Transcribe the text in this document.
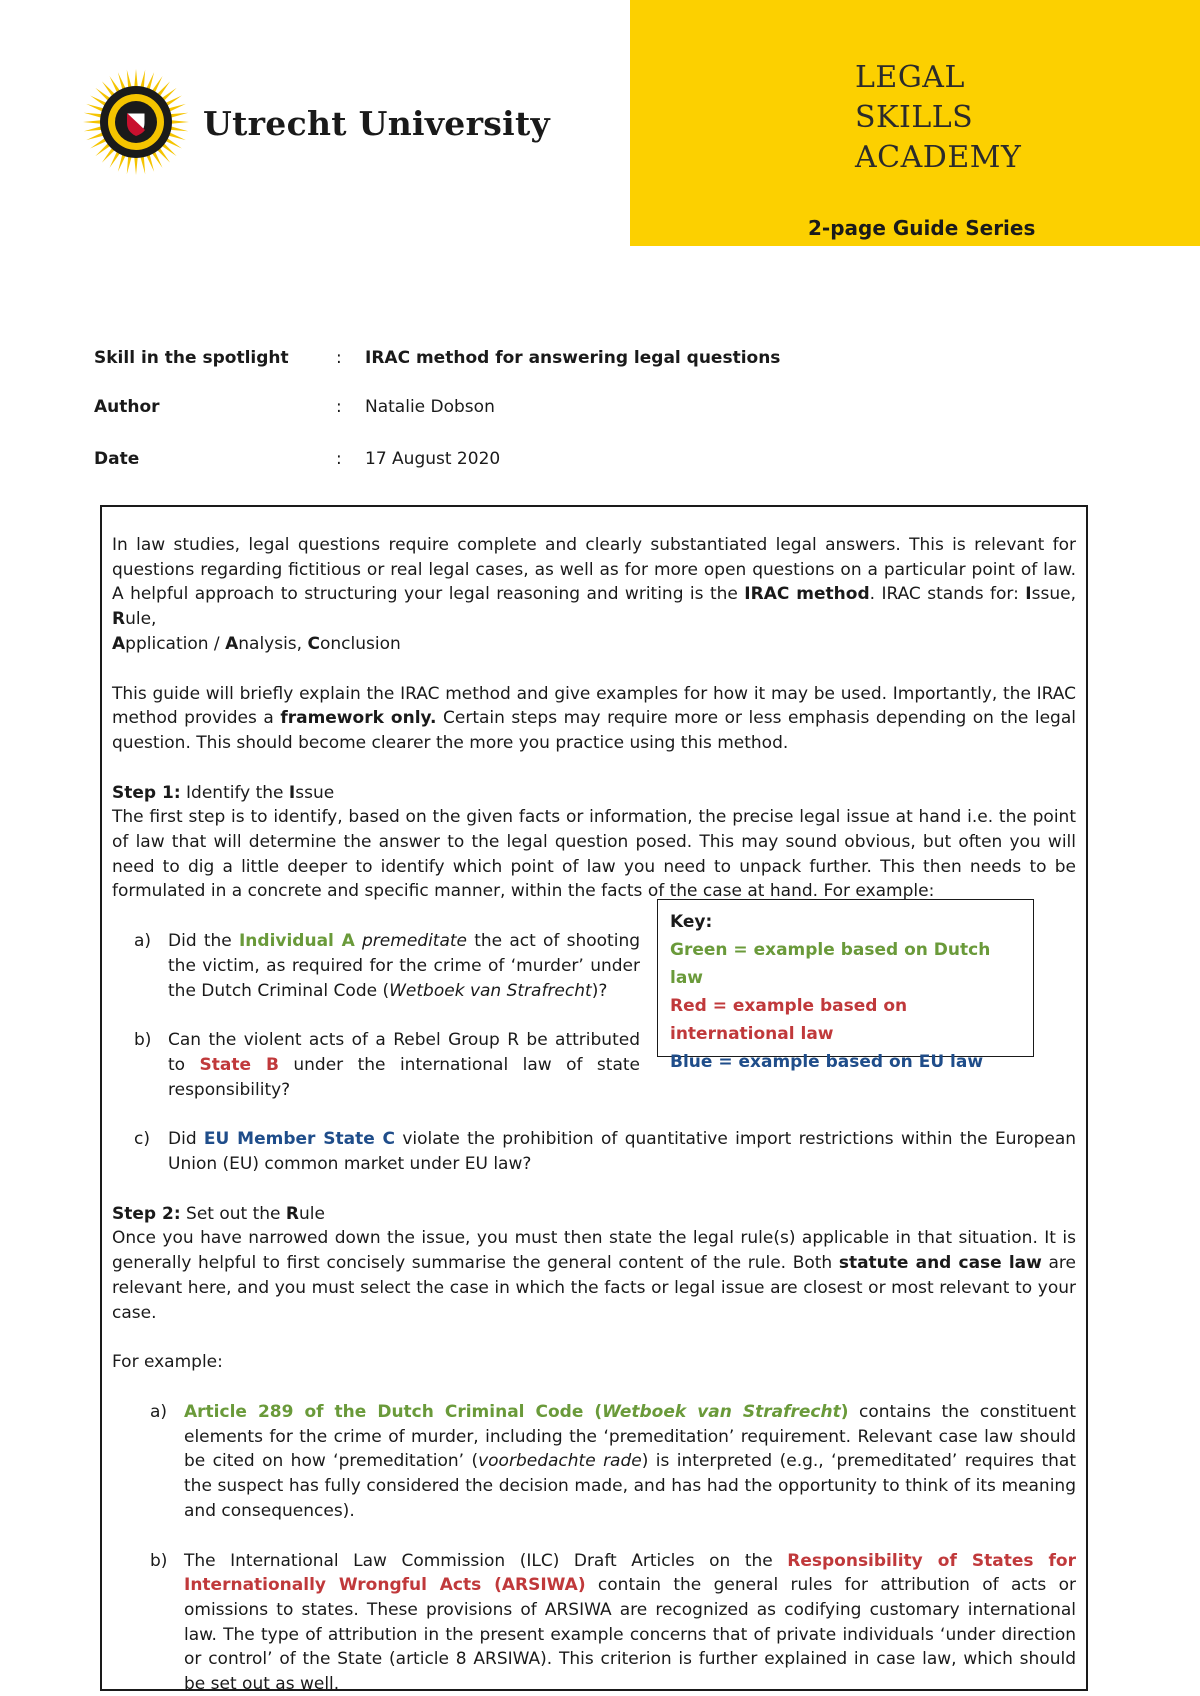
Utrecht University
LEGAL
SKILLS
ACADEMY
2-page Guide Series
Skill in the spotlight	: IRAC method for answering legal questions
Author	: Natalie Dobson
Date	: 17 August 2020

In law studies, legal questions require complete and clearly substantiated legal answers. This is relevant for questions regarding fictitious or real legal cases, as well as for more open questions on a particular point of law. A helpful approach to structuring your legal reasoning and writing is the IRAC method. IRAC stands for: Issue, Rule,
Application / Analysis, Conclusion

This guide will briefly explain the IRAC method and give examples for how it may be used. Importantly, the IRAC method provides a framework only. Certain steps may require more or less emphasis depending on the legal question. This should become clearer the more you practice using this method.

Step 1: Identify the Issue

The first step is to identify, based on the given facts or information, the precise legal issue at hand i.e. the point of law that will determine the answer to the legal question posed. This may sound obvious, but often you will need to dig a little deeper to identify which point of law you need to unpack further. This then needs to be formulated in a concrete and specific manner, within the facts of the case at hand. For example:

a) Did the Individual A premeditate the act of shooting the victim, as required for the crime of ‘murder’ under the Dutch Criminal Code (Wetboek van Strafrecht)?
b) Can the violent acts of a Rebel Group R be attributed to State B under the international law of state responsibility?
c) Did EU Member State C violate the prohibition of quantitative import restrictions within the European Union (EU) common market under EU law?

Step 2: Set out the Rule

Once you have narrowed down the issue, you must then state the legal rule(s) applicable in that situation. It is generally helpful to first concisely summarise the general content of the rule. Both statute and case law are relevant here, and you must select the case in which the facts or legal issue are closest or most relevant to your case.

For example:

a) Article 289 of the Dutch Criminal Code (Wetboek van Strafrecht) contains the constituent elements for the crime of murder, including the ‘premeditation’ requirement. Relevant case law should be cited on how ‘premeditation’ (voorbedachte rade) is interpreted (e.g., ‘premeditated’ requires that the suspect has fully considered the decision made, and has had the opportunity to think of its meaning and consequences).
b) The International Law Commission (ILC) Draft Articles on the Responsibility of States for Internationally Wrongful Acts (ARSIWA) contain the general rules for attribution of acts or omissions to states. These provisions of ARSIWA are recognized as codifying customary international law. The type of attribution in the present example concerns that of private individuals ‘under direction or control’ of the State (article 8 ARSIWA). This criterion is further explained in case law, which should be set out as well.
Key:
Green = example based on Dutch law
Red = example based on international law
Blue = example based on EU law
